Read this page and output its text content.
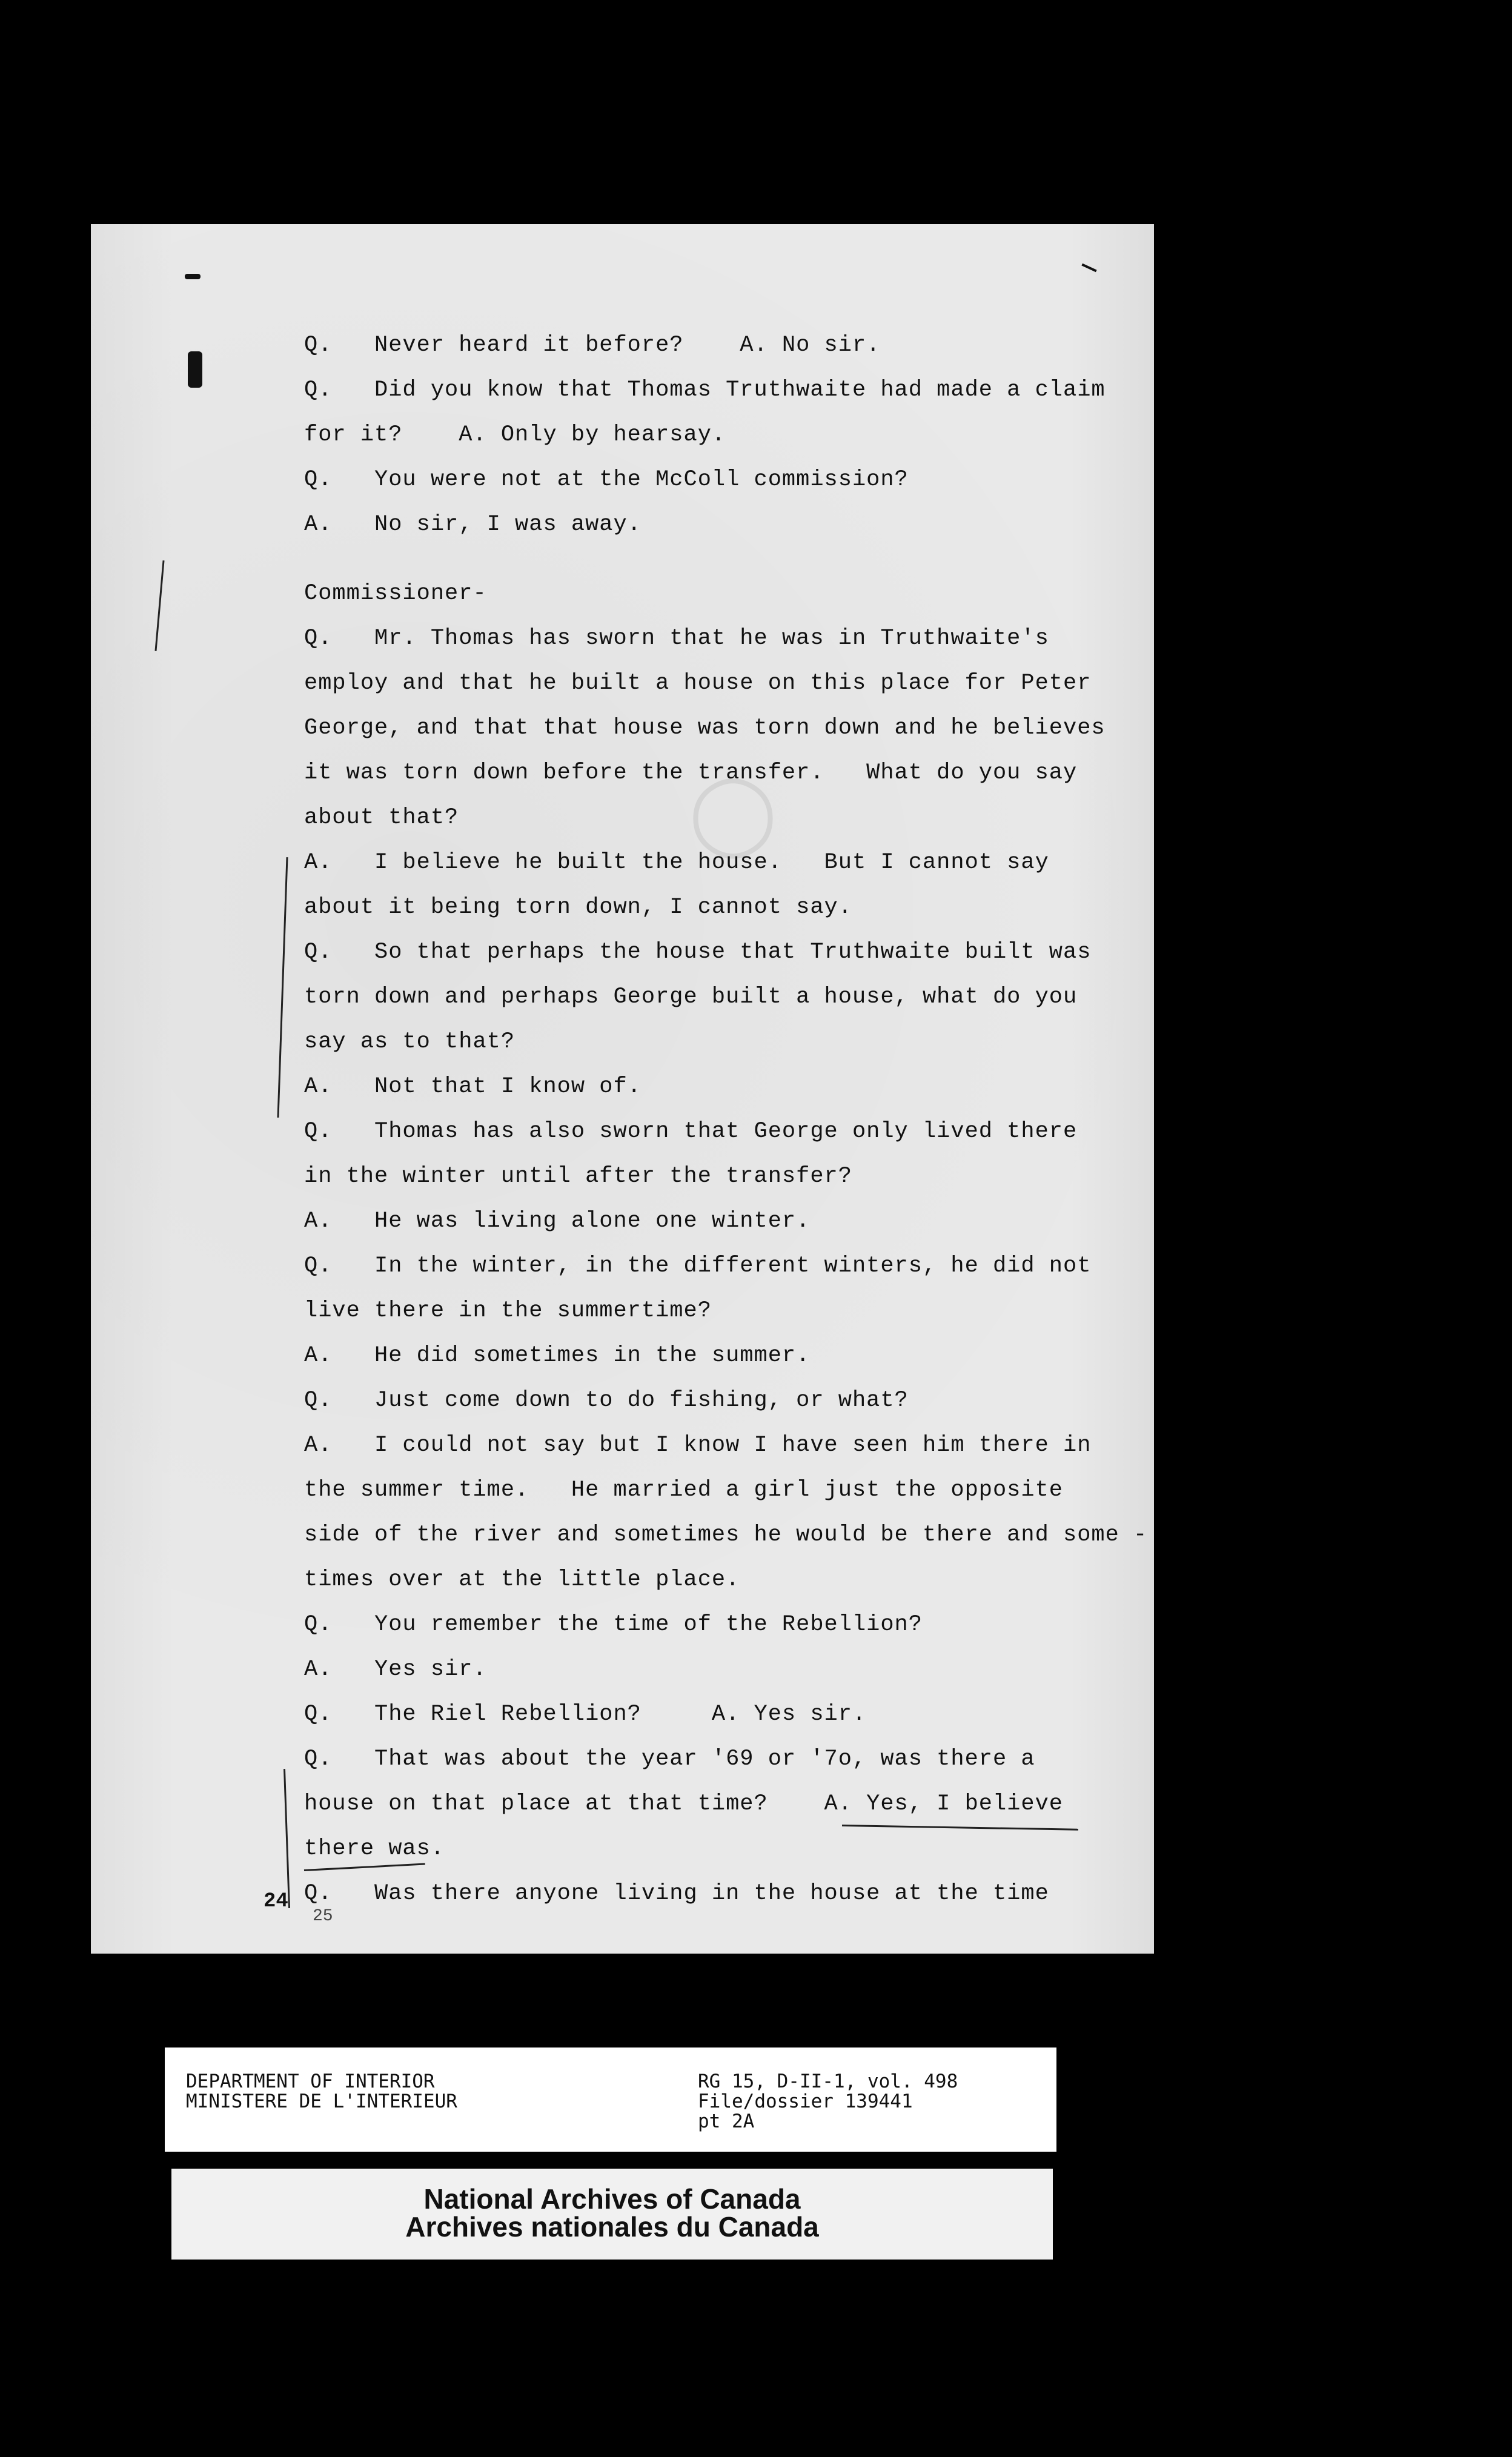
◯
Q.   Never heard it before?    A. No sir.
Q.   Did you know that Thomas Truthwaite had made a claim
for it?    A. Only by hearsay.
Q.   You were not at the McColl commission?
A.   No sir, I was away.
Commissioner-
Q.   Mr. Thomas has sworn that he was in Truthwaite's
employ and that he built a house on this place for Peter
George, and that that house was torn down and he believes
it was torn down before the transfer.   What do you say
about that?
A.   I believe he built the house.   But I cannot say
about it being torn down, I cannot say.
Q.   So that perhaps the house that Truthwaite built was
torn down and perhaps George built a house, what do you
say as to that?
A.   Not that I know of.
Q.   Thomas has also sworn that George only lived there
in the winter until after the transfer?
A.   He was living alone one winter.
Q.   In the winter, in the different winters, he did not
live there in the summertime?
A.   He did sometimes in the summer.
Q.   Just come down to do fishing, or what?
A.   I could not say but I know I have seen him there in
the summer time.   He married a girl just the opposite
side of the river and sometimes he would be there and some -
times over at the little place.
Q.   You remember the time of the Rebellion?
A.   Yes sir.
Q.   The Riel Rebellion?     A. Yes sir.
Q.   That was about the year '69 or '7o, was there a
house on that place at that time?    A. Yes, I believe
there was.
Q.   Was there anyone living in the house at the time
24
25
DEPARTMENT OF INTERIOR
MINISTERE DE L'INTERIEUR
RG 15, D-II-1, vol. 498
File/dossier 139441
pt 2A
National Archives of Canada
Archives nationales du Canada
